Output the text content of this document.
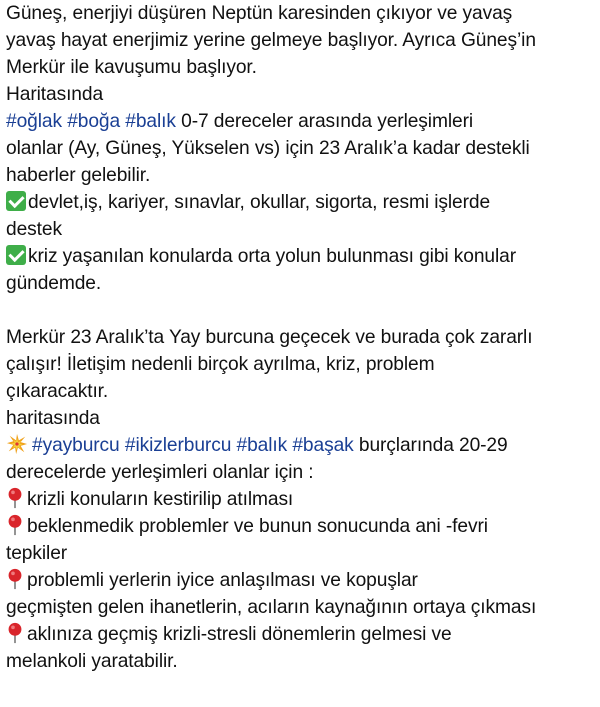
Güneş, enerjiyi düşüren Neptün karesinden çıkıyor ve yavaş
yavaş hayat enerjimiz yerine gelmeye başlıyor. Ayrıca Güneş’in
Merkür ile kavuşumu başlıyor.
Haritasında
#oğlak #boğa #balık 0-7 dereceler arasında yerleşimleri
olanlar (Ay, Güneş, Yükselen vs) için 23 Aralık’a kadar destekli
haberler gelebilir.
devlet,iş, kariyer, sınavlar, okullar, sigorta, resmi işlerde
destek
kriz yaşanılan konularda orta yolun bulunması gibi konular
gündemde.
Merkür 23 Aralık’ta Yay burcuna geçecek ve burada çok zararlı
çalışır! İletişim nedenli birçok ayrılma, kriz, problem
çıkaracaktır.
haritasında
#yayburcu #ikizlerburcu #balık #başak burçlarında 20-29
derecelerde yerleşimleri olanlar için :
krizli konuların kestirilip atılması
beklenmedik problemler ve bunun sonucunda ani -fevri
tepkiler
problemli yerlerin iyice anlaşılması ve kopuşlar
geçmişten gelen ihanetlerin, acıların kaynağının ortaya çıkması
aklınıza geçmiş krizli-stresli dönemlerin gelmesi ve
melankoli yaratabilir.
